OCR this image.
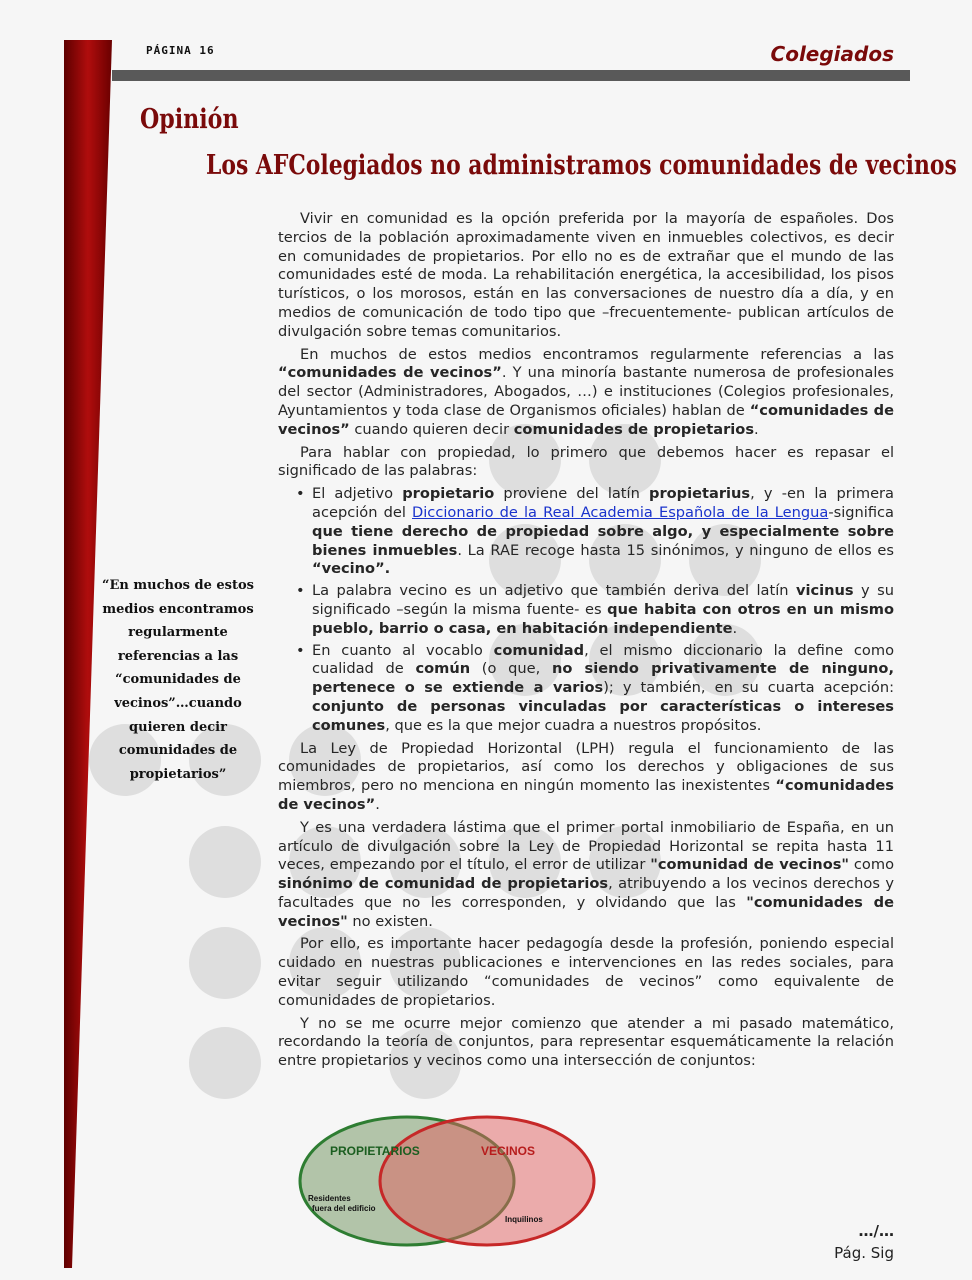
PÁGINA 16	Colegiados
Opinión
Los AFColegiados no administramos comunidades de vecinos
“En muchos de estos medios encontramos regularmente referencias a las “comunidades de vecinos”…cuando quieren decir comunidades de propietarios”

Vivir en comunidad es la opción preferida por la mayoría de españoles. Dos tercios de la población aproximadamente viven en inmuebles colectivos, es decir en comunidades de propietarios. Por ello no es de extrañar que el mundo de las comunidades esté de moda. La rehabilitación energética, la accesibilidad, los pisos turísticos, o los morosos, están en las conversaciones de nuestro día a día, y en medios de comunicación de todo tipo que –frecuentemente- publican artículos de divulgación sobre temas comunitarios.

En muchos de estos medios encontramos regularmente referencias a las “comunidades de vecinos”. Y una minoría bastante numerosa de profesionales del sector (Administradores, Abogados, …) e instituciones (Colegios profesionales, Ayuntamientos y toda clase de Organismos oficiales) hablan de “comunidades de vecinos” cuando quieren decir comunidades de propietarios.

Para hablar con propiedad, lo primero que debemos hacer es repasar el significado de las palabras:

• El adjetivo propietario proviene del latín propietarius, y -en la primera acepción del Diccionario de la Real Academia Española de la Lengua-significa que tiene derecho de propiedad sobre algo, y especialmente sobre bienes inmuebles. La RAE recoge hasta 15 sinónimos, y ninguno de ellos es “vecino”.
• La palabra vecino es un adjetivo que también deriva del latín vicinus y su significado –según la misma fuente- es que habita con otros en un mismo pueblo, barrio o casa, en habitación independiente.
• En cuanto al vocablo comunidad, el mismo diccionario la define como cualidad de común (o que, no siendo privativamente de ninguno, pertenece o se extiende a varios); y también, en su cuarta acepción: conjunto de personas vinculadas por características o intereses comunes, que es la que mejor cuadra a nuestros propósitos.

La Ley de Propiedad Horizontal (LPH) regula el funcionamiento de las comunidades de propietarios, así como los derechos y obligaciones de sus miembros, pero no menciona en ningún momento las inexistentes “comunidades de vecinos”.

Y es una verdadera lástima que el primer portal inmobiliario de España, en un artículo de divulgación sobre la Ley de Propiedad Horizontal se repita hasta 11 veces, empezando por el título, el error de utilizar "comunidad de vecinos" como sinónimo de comunidad de propietarios, atribuyendo a los vecinos derechos y facultades que no les corresponden, y olvidando que las "comunidades de vecinos" no existen.

Por ello, es importante hacer pedagogía desde la profesión, poniendo especial cuidado en nuestras publicaciones e intervenciones en las redes sociales, para evitar seguir utilizando “comunidades de vecinos” como equivalente de comunidades de propietarios.

Y no se me ocurre mejor comienzo que atender a mi pasado matemático, recordando la teoría de conjuntos, para representar esquemáticamente la relación entre propietarios y vecinos como una intersección de conjuntos:

PROPIETARIOS	VECINOS
Residentes
fuera del edificio
Inquilinos
…/…
Pág. Sig
